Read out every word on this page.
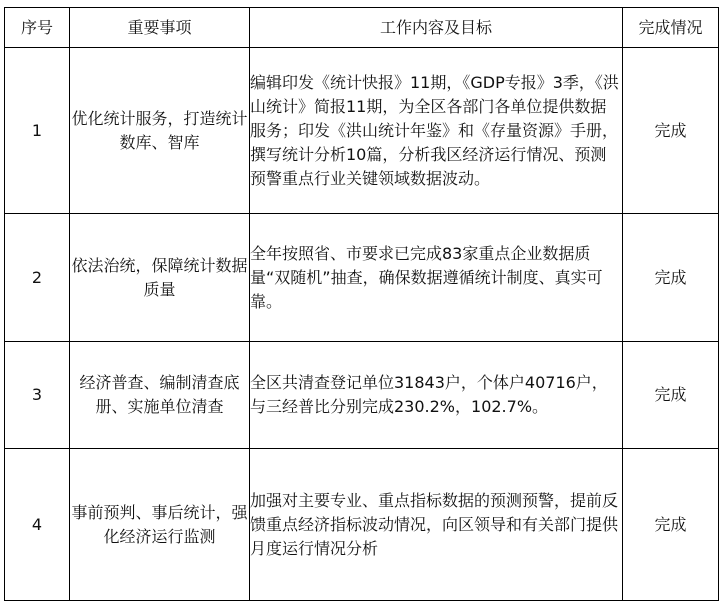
序号	重要事项	工作内容及目标	完成情况
1	优化统计服务，打造统计数库、智库	编辑印发《统计快报》11期，《GDP专报》3季，《洪山统计》简报11期，为全区各部门各单位提供数据服务；印发《洪山统计年鉴》和《存量资源》手册，撰写统计分析10篇，分析我区经济运行情况、预测预警重点行业关键领域数据波动。	完成
2	依法治统，保障统计数据质量	全年按照省、市要求已完成83家重点企业数据质量“双随机”抽查，确保数据遵循统计制度、真实可靠。	完成
3	经济普查、编制清查底册、实施单位清查	全区共清查登记单位31843户，个体户40716户，与三经普比分别完成230.2%，102.7%。	完成
4	事前预判、事后统计，强化经济运行监测	加强对主要专业、重点指标数据的预测预警，提前反馈重点经济指标波动情况，向区领导和有关部门提供月度运行情况分析	完成
